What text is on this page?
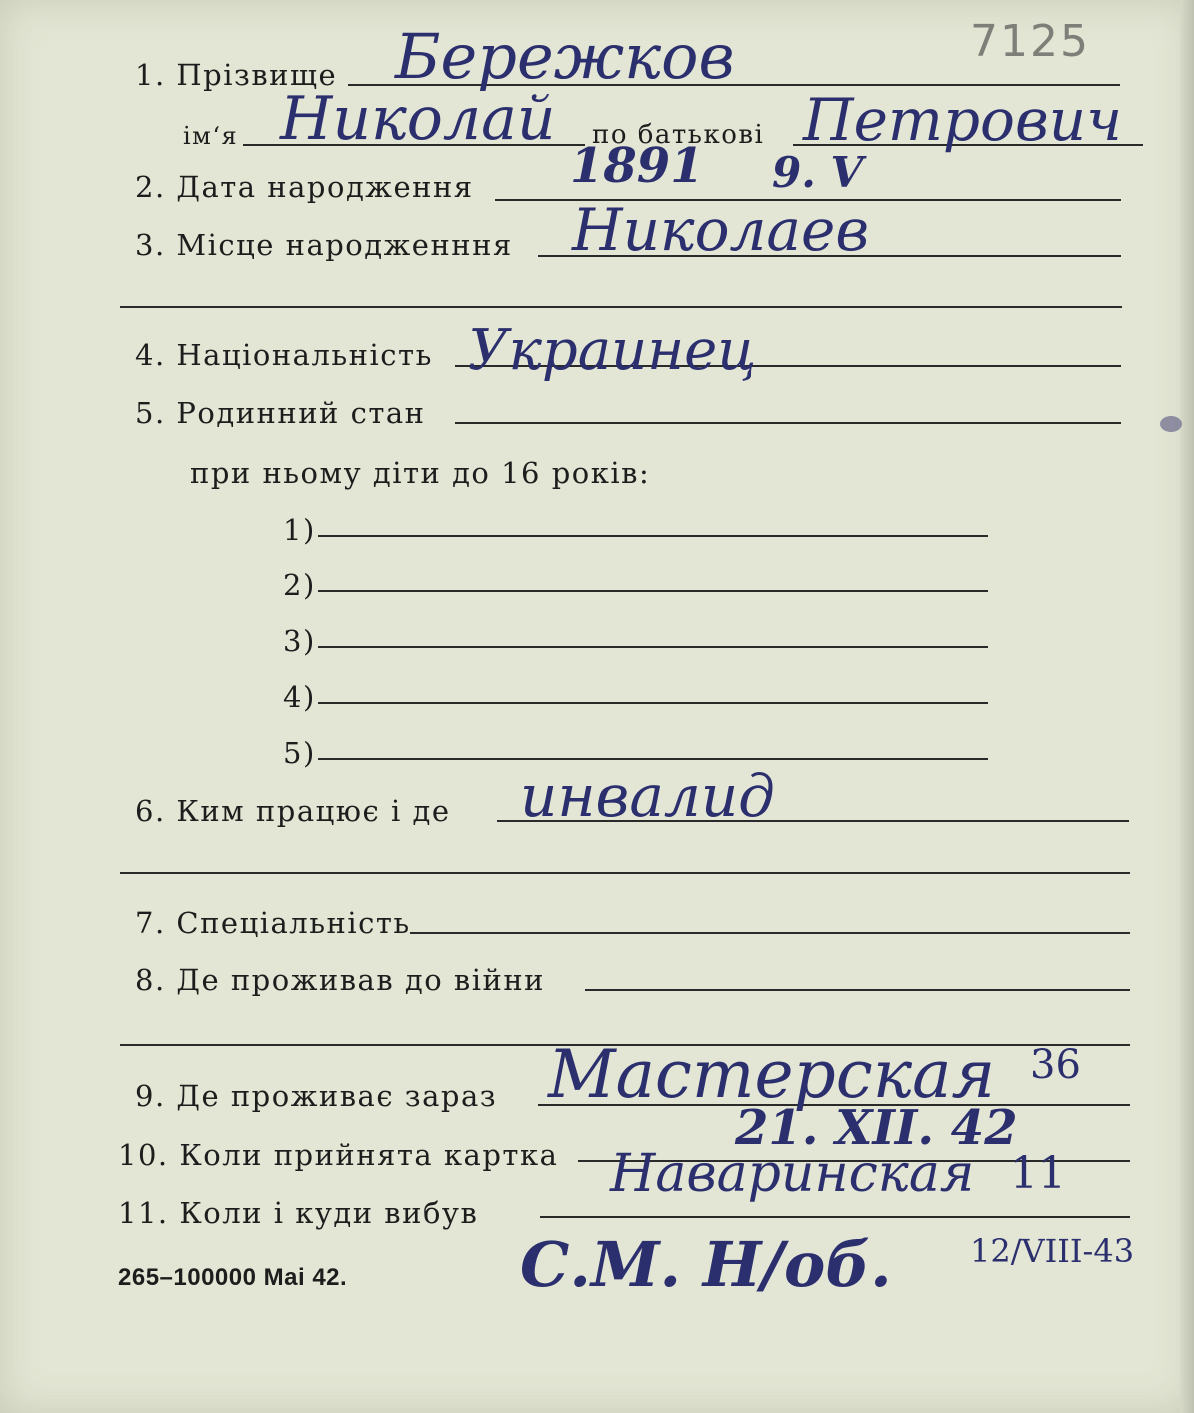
7125
1. Прізвище Бережков
ім‘я Николай по батькові Петрович
2. Дата народження 1891 9. V
3. Місце народженння Николаев
4. Національність Украинец
5. Родинний стан
при ньому діти до 16 років:
1)
2)
3)
4)
5)
6. Ким працює і де инвалид
7. Спеціальність
8. Де проживав до війни
9. Де проживає зараз Мастерская 36
10. Коли прийнята картка	21. XII. 42
11. Коли і куди вибув
Наваринская 11
С.М. Н/об. 12/VIII-43
265–100000 Mai 42.
